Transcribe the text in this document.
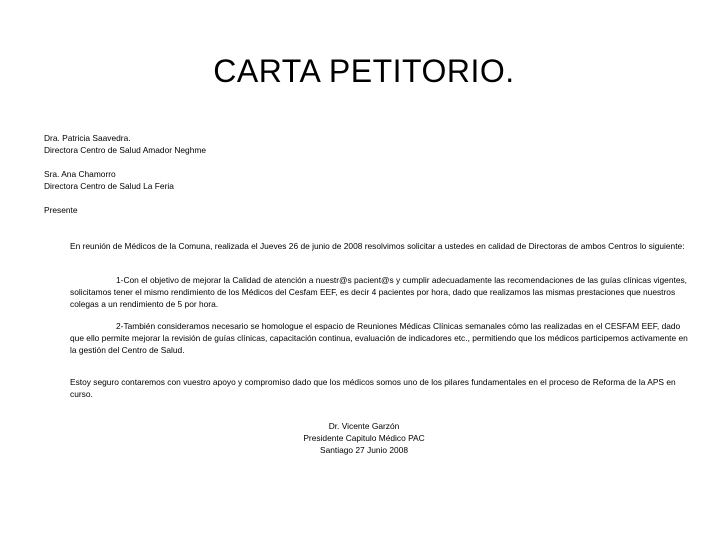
CARTA PETITORIO.
Dra. Patricia Saavedra.
Directora Centro de Salud Amador Neghme
Sra. Ana Chamorro
Directora Centro de Salud La Feria
Presente
En reunión de Médicos de la Comuna, realizada el Jueves 26 de junio de 2008 resolvimos solicitar a ustedes en calidad de Directoras de ambos Centros lo siguiente:
1-Con el objetivo de mejorar la Calidad de atención a nuestr@s pacient@s y cumplir adecuadamente las recomendaciones de las guías clínicas vigentes, solicitamos tener el mismo rendimiento de los Médicos del Cesfam EEF, es decir 4 pacientes por hora, dado que realizamos las mismas prestaciones que nuestros colegas a un rendimiento de 5 por hora.
2-También consideramos necesario se homologue el espacio de Reuniones Médicas Clínicas semanales cómo las realizadas en el CESFAM EEF, dado que ello permite mejorar la revisión de guías clínicas, capacitación continua, evaluación de indicadores etc., permitiendo que los médicos participemos activamente en la gestión del Centro de Salud.
Estoy seguro contaremos con vuestro apoyo y compromiso dado que los médicos somos uno de los pilares fundamentales en el proceso de Reforma de la APS en curso.
Dr. Vicente Garzón
Presidente Capitulo Médico PAC
Santiago 27 Junio 2008
